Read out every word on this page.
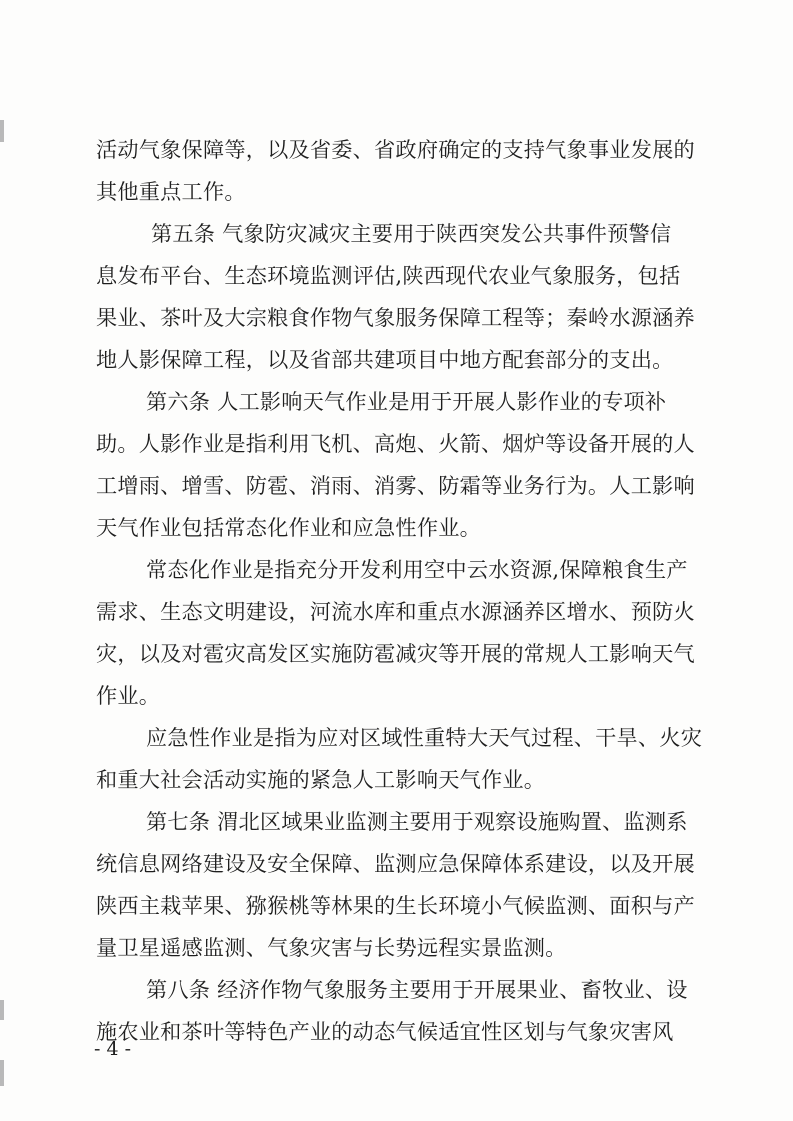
活动气象保障等，以及省委、省政府确定的支持气象事业发展的
其他重点工作。
第五条 气象防灾减灾主要用于陕西突发公共事件预警信
息发布平台、生态环境监测评估,陕西现代农业气象服务，包括
果业、茶叶及大宗粮食作物气象服务保障工程等；秦岭水源涵养
地人影保障工程，以及省部共建项目中地方配套部分的支出。
第六条 人工影响天气作业是用于开展人影作业的专项补
助。人影作业是指利用飞机、高炮、火箭、烟炉等设备开展的人
工增雨、增雪、防雹、消雨、消雾、防霜等业务行为。人工影响
天气作业包括常态化作业和应急性作业。
常态化作业是指充分开发利用空中云水资源,保障粮食生产
需求、生态文明建设，河流水库和重点水源涵养区增水、预防火
灾，以及对雹灾高发区实施防雹减灾等开展的常规人工影响天气
作业。
应急性作业是指为应对区域性重特大天气过程、干旱、火灾
和重大社会活动实施的紧急人工影响天气作业。
第七条 渭北区域果业监测主要用于观察设施购置、监测系
统信息网络建设及安全保障、监测应急保障体系建设，以及开展
陕西主栽苹果、猕猴桃等林果的生长环境小气候监测、面积与产
量卫星遥感监测、气象灾害与长势远程实景监测。
第八条 经济作物气象服务主要用于开展果业、畜牧业、设
施农业和茶叶等特色产业的动态气候适宜性区划与气象灾害风
- 4 -
